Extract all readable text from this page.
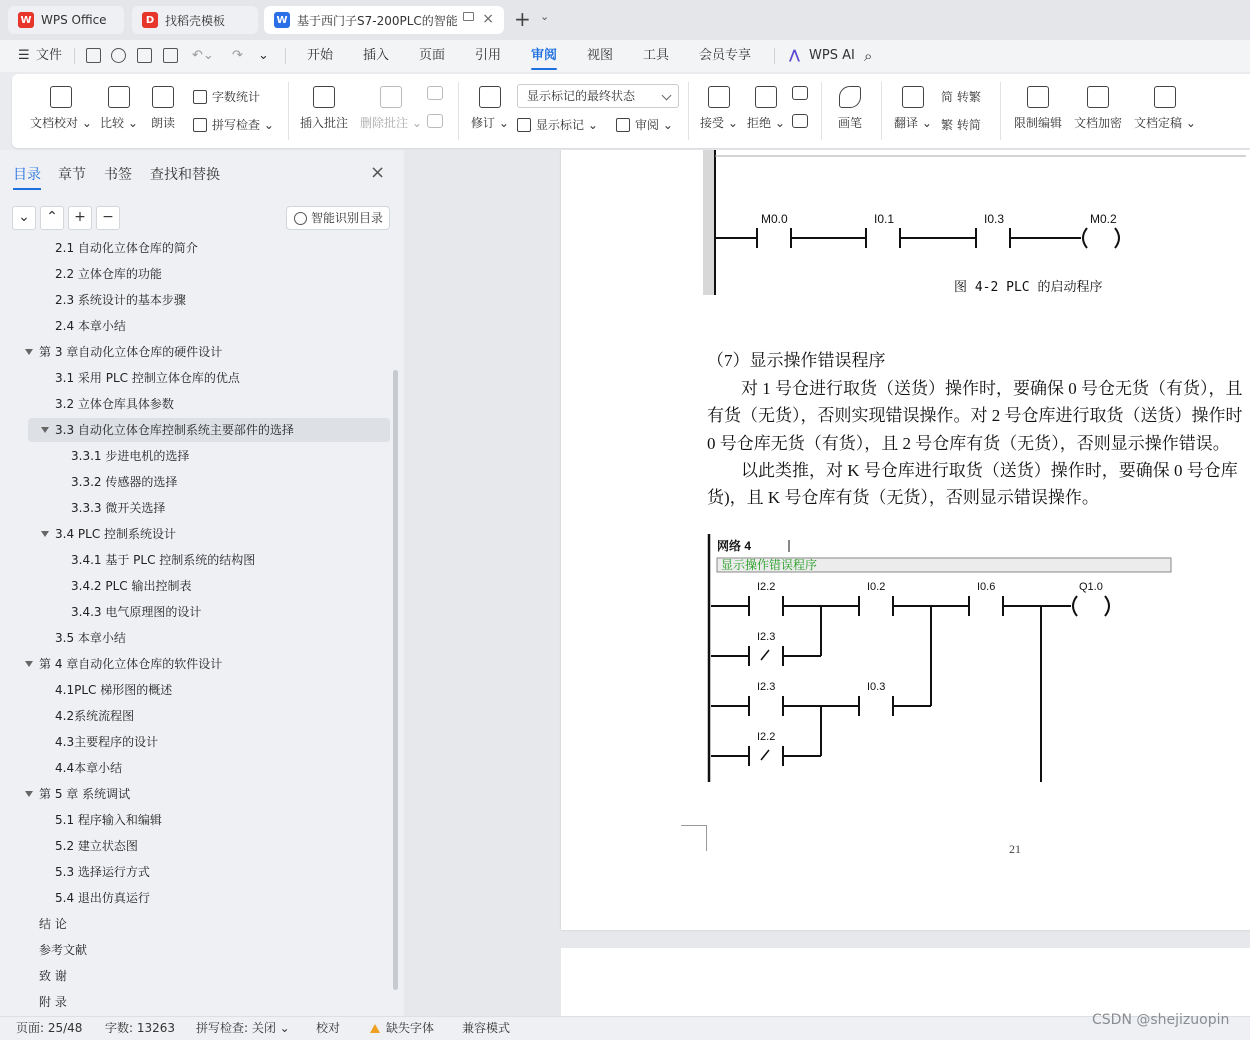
W WPS Office	D 找稻壳模板	W 基于西门子S7-200PLC的智能 × + ⌄
☰ 文件	↶⌄ ↷ ⌄	开始 插入 页面 引用 审阅 视图 工具 会员专享	⋀ WPS AI ⌕
文档校对 ⌄ 比较 ⌄ 朗读
字数统计
拼写检查 ⌄ 插入批注 删除批注 ⌄	修订 ⌄
显示标记的最终状态
显示标记 ⌄	审阅 ⌄ 接受 ⌄ 拒绝 ⌄	画笔	翻译 ⌄
简 转繁
繁 转简	限制编辑 文档加密 文档定稿 ⌄
目录 章节 书签 查找和替换	×
⌄	⌃	+	−	智能识别目录
2.1 自动化立体仓库的简介
2.2 立体仓库的功能
2.3 系统设计的基本步骤
2.4 本章小结
第 3 章自动化立体仓库的硬件设计
3.1 采用 PLC 控制立体仓库的优点
3.2 立体仓库具体参数
3.3 自动化立体仓库控制系统主要部件的选择
3.3.1 步进电机的选择
3.3.2 传感器的选择
3.3.3 微开关选择
3.4 PLC 控制系统设计
3.4.1 基于 PLC 控制系统的结构图
3.4.2 PLC 输出控制表
3.4.3 电气原理图的设计
3.5 本章小结
第 4 章自动化立体仓库的软件设计
4.1PLC 梯形图的概述
4.2系统流程图
4.3主要程序的设计
4.4本章小结
第 5 章 系统调试
5.1 程序输入和编辑
5.2 建立状态图
5.3 选择运行方式
5.4 退出仿真运行
结 论
参考文献
致 谢
附 录
M0.0	I0.1	I0.3	M0.2
图 4-2 PLC 的启动程序
（7）显示操作错误程序
对 1 号仓进行取货（送货）操作时，要确保 0 号仓无货（有货），且
有货（无货），否则实现错误操作。对 2 号仓库进行取货（送货）操作时
0 号仓库无货（有货），且 2 号仓库有货（无货），否则显示操作错误。
以此类推，对 K 号仓库进行取货（送货）操作时，要确保 0 号仓库
货)，且 K 号仓库有货（无货），否则显示错误操作。
网络 4
显示操作错误程序
I2.2	I0.2	I0.6	Q1.0
I2.3
I2.3	I0.3
I2.2
21
页面: 25/48 字数: 13263 拼写检查: 关闭 ⌄ 校对	缺失字体 兼容模式	CSDN @shejizuopin
